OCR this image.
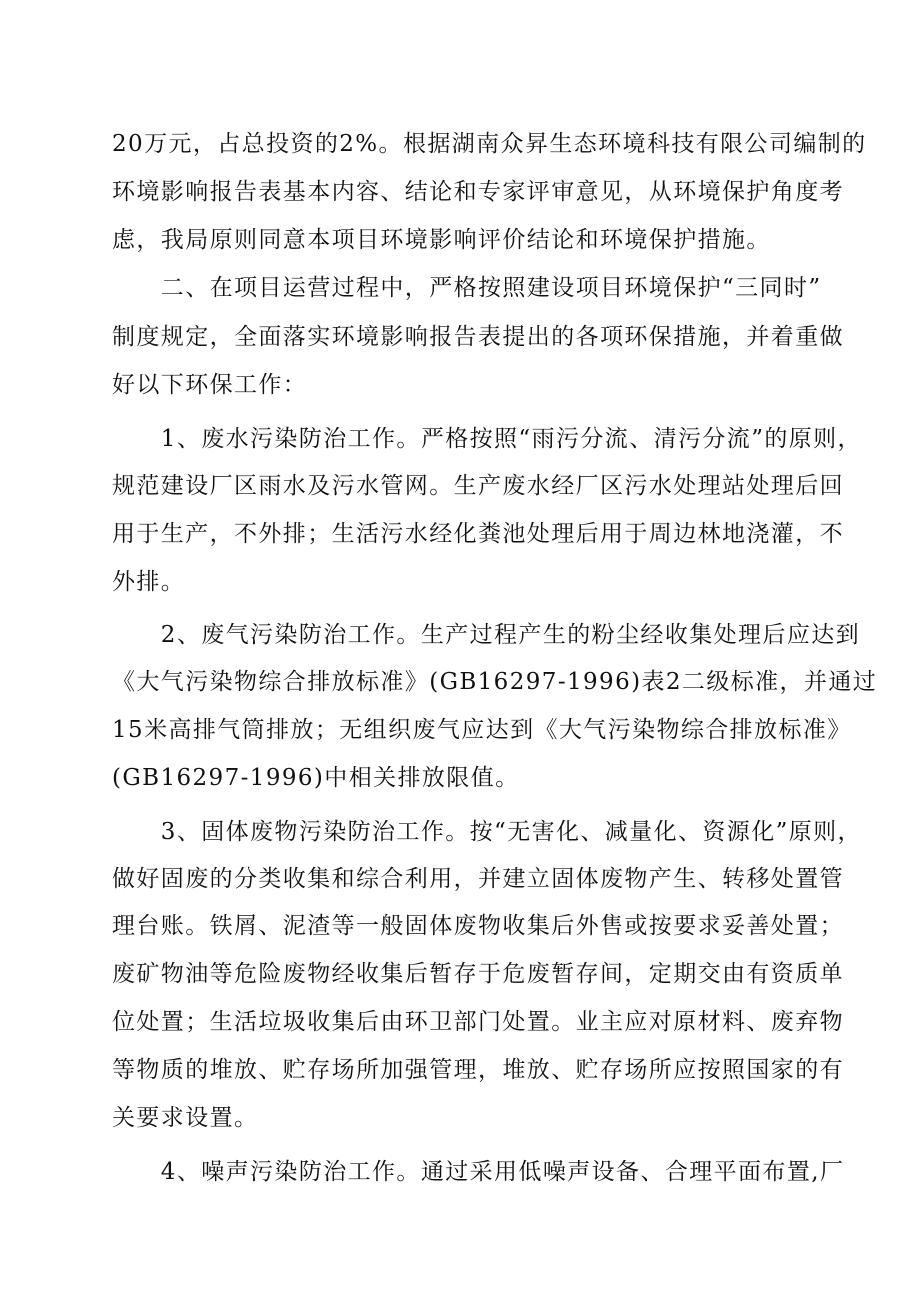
20万元，占总投资的2%。根据湖南众昇生态环境科技有限公司编制的
环境影响报告表基本内容、结论和专家评审意见，从环境保护角度考
虑，我局原则同意本项目环境影响评价结论和环境保护措施。
　　二、在项目运营过程中，严格按照建设项目环境保护“三同时”
制度规定，全面落实环境影响报告表提出的各项环保措施，并着重做
好以下环保工作：
　　1、废水污染防治工作。严格按照“雨污分流、清污分流”的原则，
规范建设厂区雨水及污水管网。生产废水经厂区污水处理站处理后回
用于生产，不外排；生活污水经化粪池处理后用于周边林地浇灌，不
外排。
　　2、废气污染防治工作。生产过程产生的粉尘经收集处理后应达到
《大气污染物综合排放标准》(GB16297-1996)表2二级标准，并通过
15米高排气筒排放；无组织废气应达到《大气污染物综合排放标准》
(GB16297-1996)中相关排放限值。
　　3、固体废物污染防治工作。按“无害化、减量化、资源化”原则，
做好固废的分类收集和综合利用，并建立固体废物产生、转移处置管
理台账。铁屑、泥渣等一般固体废物收集后外售或按要求妥善处置；
废矿物油等危险废物经收集后暂存于危废暂存间，定期交由有资质单
位处置；生活垃圾收集后由环卫部门处置。业主应对原材料、废弃物
等物质的堆放、贮存场所加强管理，堆放、贮存场所应按照国家的有
关要求设置。
　　4、噪声污染防治工作。通过采用低噪声设备、合理平面布置,厂
